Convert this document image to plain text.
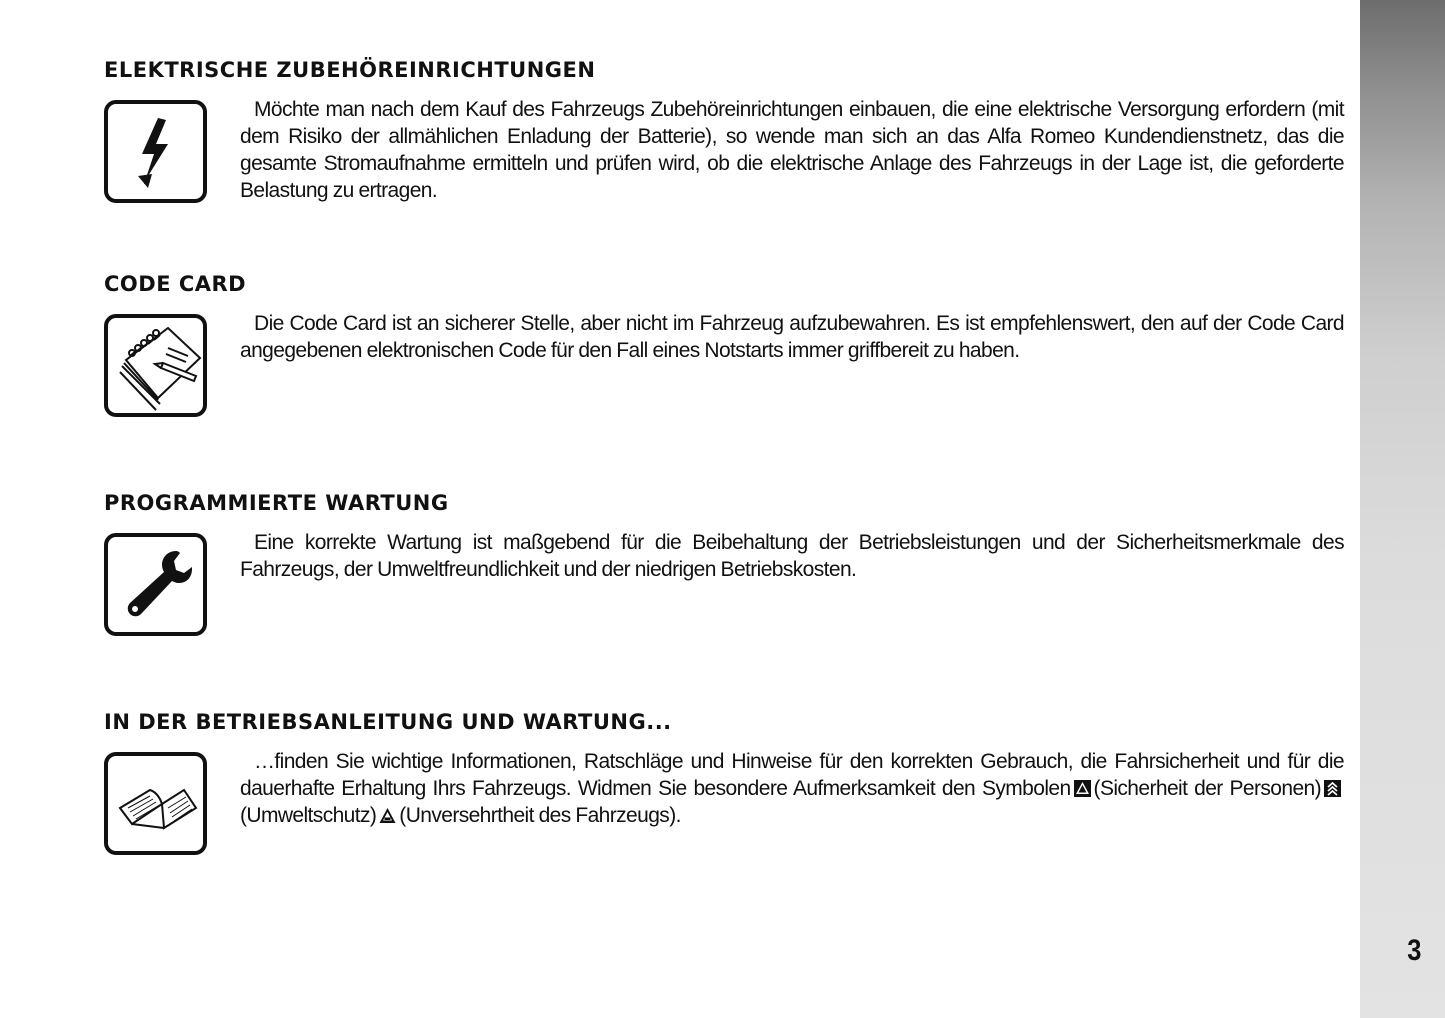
ELEKTRISCHE ZUBEHÖREINRICHTUNGEN

Möchte man nach dem Kauf des Fahrzeugs Zubehöreinrichtungen einbauen, die eine elektrische Versorgung erfordern (mit dem Risiko der allmählichen Enladung der Batterie), so wende man sich an das Alfa Romeo Kundendienstnetz, das die gesamte Stromaufnahme ermitteln und prüfen wird, ob die elektrische Anlage des Fahrzeugs in der Lage ist, die geforderte Belastung zu ertragen.

CODE CARD

Die Code Card ist an sicherer Stelle, aber nicht im Fahrzeug aufzubewahren. Es ist empfehlenswert, den auf der Code Card angegebenen elektronischen Code für den Fall eines Notstarts immer griffbereit zu haben.

PROGRAMMIERTE WARTUNG

Eine korrekte Wartung ist maßgebend für die Beibehaltung der Betriebsleistungen und der Sicherheitsmerkmale des Fahrzeugs, der Umweltfreundlichkeit und der niedrigen Betriebskosten.

IN DER BETRIEBSANLEITUNG UND WARTUNG...

…finden Sie wichtige Informationen, Ratschläge und Hinweise für den korrekten Gebrauch, die Fahrsicherheit und für die dauerhafte Erhaltung Ihrs Fahrzeugs. Widmen Sie besondere Aufmerksamkeit den Symbolen (Sicherheit der Personen)(Umweltschutz) (Unversehrtheit des Fahrzeugs).

3
